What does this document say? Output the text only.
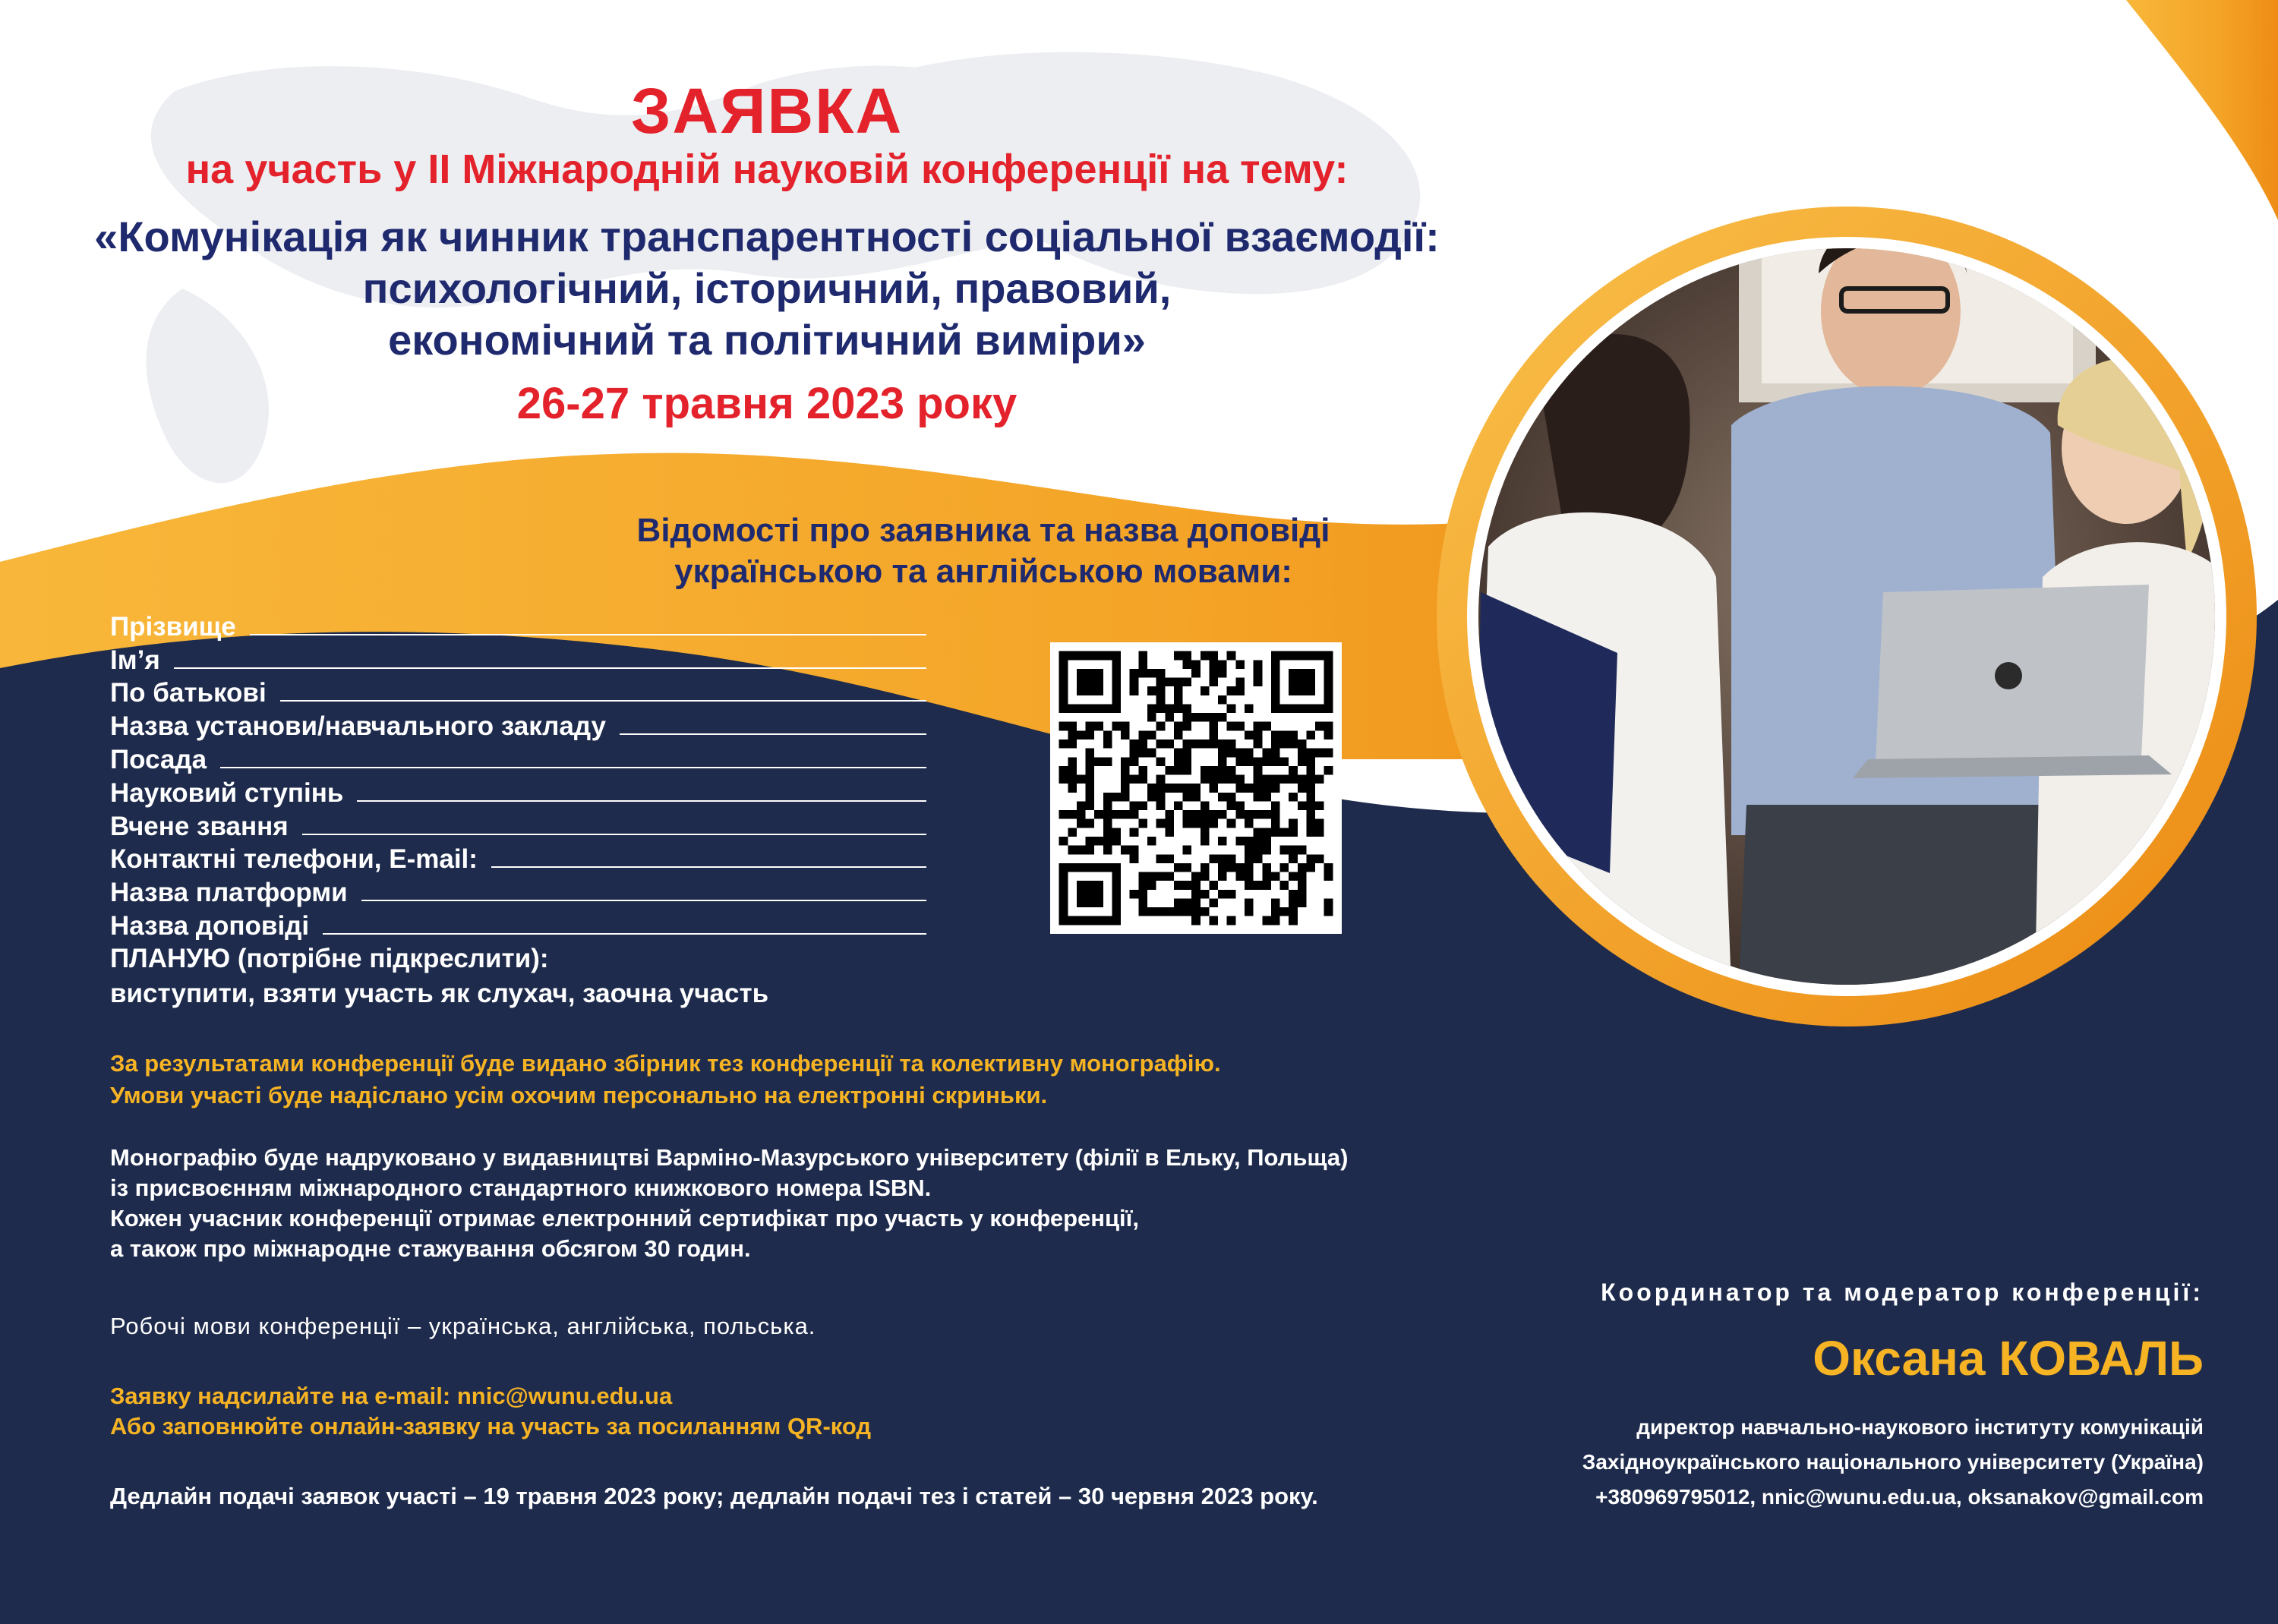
ЗАЯВКА
на участь у ІІ Міжнародній науковій конференції на тему:
«Комунікація як чинник транспарентності соціальної взаємодії:
психологічний, історичний, правовий,
економічний та політичний виміри»
26-27 травня 2023 року
Відомості про заявника та назва доповіді
українською та англійською мовами:
Прізвище
Ім’я
По батькові
Назва установи/навчального закладу
Посада
Науковий ступінь
Вчене звання
Контактні телефони, E-mail:
Назва платформи
Назва доповіді
ПЛАНУЮ (потрібне підкреслити):
виступити, взяти участь як слухач, заочна участь
За результатами конференції буде видано збірник тез конференції та колективну монографію.
Умови участі буде надіслано усім охочим персонально на електронні скриньки.
Монографію буде надруковано у видавництві Вармінo-Мазурського університету (філії в Ельку, Польща)
із присвоєнням міжнародного стандартного книжкового номера ISBN.
Кожен учасник конференції отримає електронний сертифікат про участь у конференції,
а також про міжнародне стажування обсягом 30 годин.
Робочі мови конференції – українська, англійська, польська.
Заявку надсилайте на e-mail: nnic@wunu.edu.ua
Або заповнюйте онлайн-заявку на участь за посиланням QR-код
Дедлайн подачі заявок участі – 19 травня 2023 року; дедлайн подачі тез і статей – 30 червня 2023 року.
Координатор та модератор конференції:
Оксана КОВАЛЬ
директор навчально-наукового інституту комунікацій
Західноукраїнського національного університету (Україна)
+380969795012, nnic@wunu.edu.ua, oksanakov@gmail.com
